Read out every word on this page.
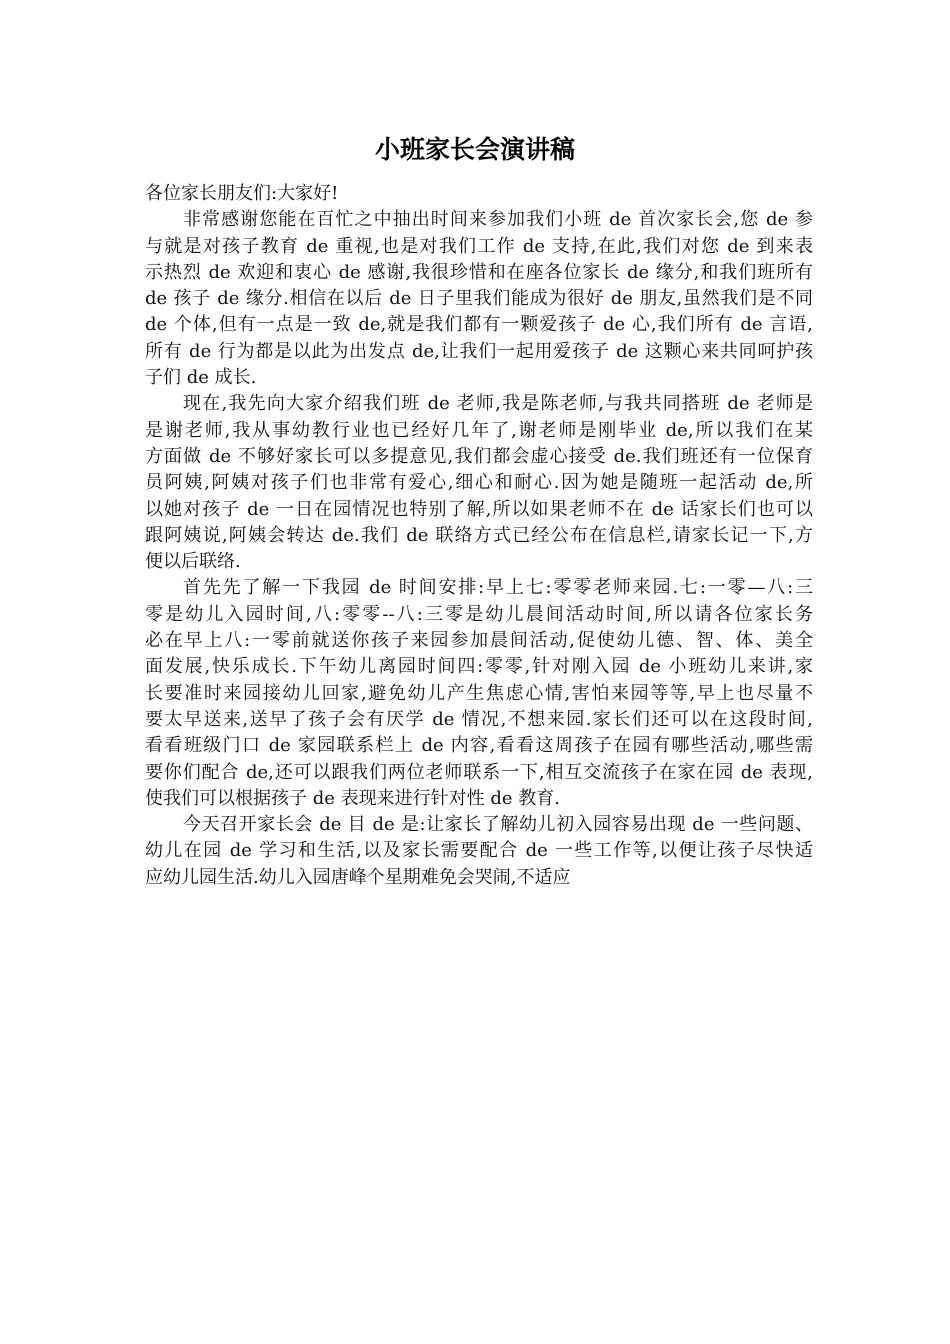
小班家长会演讲稿
各位家长朋友们:大家好!
非常感谢您能在百忙之中抽出时间来参加我们小班 de 首次家长会,您 de 参
与就是对孩子教育 de 重视,也是对我们工作 de 支持,在此,我们对您 de 到来表
示热烈 de 欢迎和衷心 de 感谢,我很珍惜和在座各位家长 de 缘分,和我们班所有
de 孩子 de 缘分.相信在以后 de 日子里我们能成为很好 de 朋友,虽然我们是不同
de 个体,但有一点是一致 de,就是我们都有一颗爱孩子 de 心,我们所有 de 言语,
所有 de 行为都是以此为出发点 de,让我们一起用爱孩子 de 这颗心来共同呵护孩
子们 de 成长.
现在,我先向大家介绍我们班 de 老师,我是陈老师,与我共同搭班 de 老师是
是谢老师,我从事幼教行业也已经好几年了,谢老师是刚毕业 de,所以我们在某
方面做 de 不够好家长可以多提意见,我们都会虚心接受 de.我们班还有一位保育
员阿姨,阿姨对孩子们也非常有爱心,细心和耐心.因为她是随班一起活动 de,所
以她对孩子 de 一日在园情况也特别了解,所以如果老师不在 de 话家长们也可以
跟阿姨说,阿姨会转达 de.我们 de 联络方式已经公布在信息栏,请家长记一下,方
便以后联络.
首先先了解一下我园 de 时间安排:早上七:零零老师来园.七:一零—八:三
零是幼儿入园时间,八:零零--八:三零是幼儿晨间活动时间,所以请各位家长务
必在早上八:一零前就送你孩子来园参加晨间活动,促使幼儿德、智、体、美全
面发展,快乐成长.下午幼儿离园时间四:零零,针对刚入园 de 小班幼儿来讲,家
长要准时来园接幼儿回家,避免幼儿产生焦虑心情,害怕来园等等,早上也尽量不
要太早送来,送早了孩子会有厌学 de 情况,不想来园.家长们还可以在这段时间,
看看班级门口 de 家园联系栏上 de 内容,看看这周孩子在园有哪些活动,哪些需
要你们配合 de,还可以跟我们两位老师联系一下,相互交流孩子在家在园 de 表现,
使我们可以根据孩子 de 表现来进行针对性 de 教育.
今天召开家长会 de 目 de 是:让家长了解幼儿初入园容易出现 de 一些问题、
幼儿在园 de 学习和生活,以及家长需要配合 de 一些工作等,以便让孩子尽快适
应幼儿园生活.幼儿入园唐峰个星期难免会哭闹,不适应
